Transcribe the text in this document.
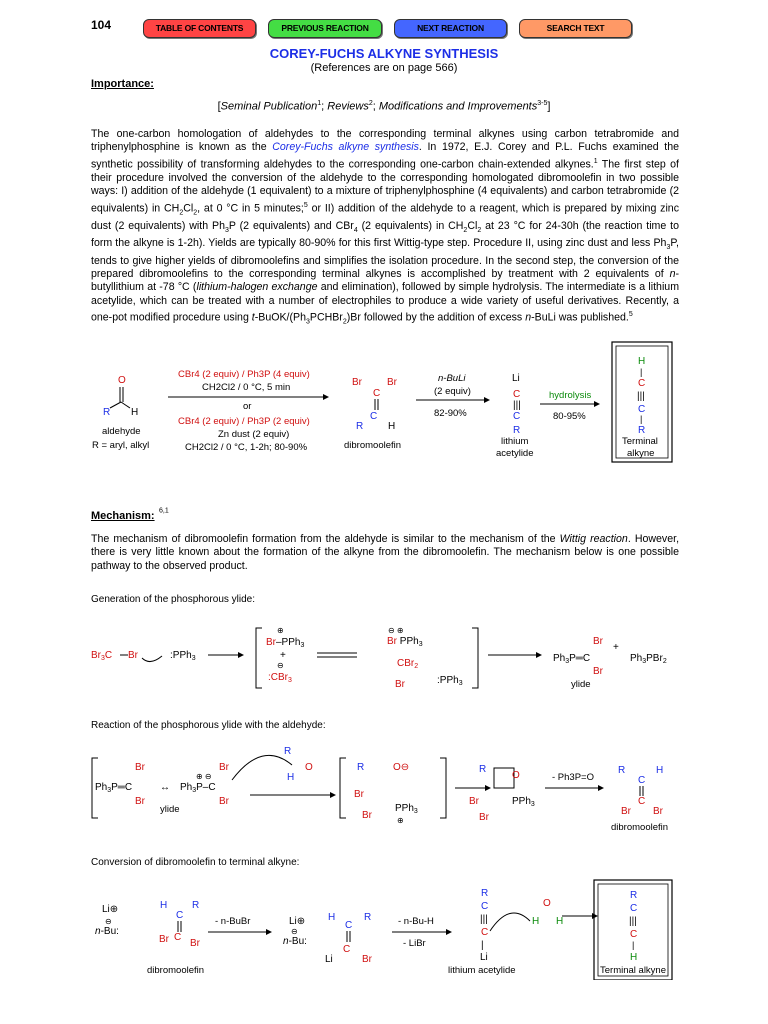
104	TABLE OF CONTENTS	PREVIOUS REACTION	NEXT REACTION	SEARCH TEXT
COREY-FUCHS ALKYNE SYNTHESIS
(References are on page 566)
Importance:
[Seminal Publication$^1$; Reviews$^2$; Modifications and Improvements$^{3-5}$]
The one-carbon homologation of aldehydes to the corresponding terminal alkynes using carbon tetrabromide and triphenylphosphine is known as the Corey-Fuchs alkyne synthesis. In 1972, E.J. Corey and P.L. Fuchs examined the synthetic possibility of transforming aldehydes to the corresponding one-carbon chain-extended alkynes.$^1$ The first step of their procedure involved the conversion of the aldehyde to the corresponding homologated dibromoolefin in two possible ways: I) addition of the aldehyde (1 equivalent) to a mixture of triphenylphosphine (4 equivalents) and carbon tetrabromide (2 equivalents) in $CH_2Cl_2$, at 0 °C in 5 minutes;$^5$ or II) addition of the aldehyde to a reagent, which is prepared by mixing zinc dust (2 equivalents) with $Ph_3P$ (2 equivalents) and CBr$_4$ (2 equivalents) in $CH_2Cl_2$ at 23 °C for 24-30h (the reaction time to form the alkyne is 1-2h). Yields are typically 80-90% for this first Wittig-type step. Procedure II, using zinc dust and less $Ph_3P$, tends to give higher yields of dibromoolefins and simplifies the isolation procedure. In the second step, the conversion of the prepared dibromoolefins to the corresponding terminal alkynes is accomplished by treatment with 2 equivalents of n-butyllithium at -78 °C (lithium-halogen exchange and elimination), followed by simple hydrolysis. The intermediate is a lithium acetylide, which can be treated with a number of electrophiles to produce a wide variety of useful derivatives. Recently, a one-pot modified procedure using $t-BuOK/(Ph_3PCHBr_2)Br$ followed by the addition of excess n-BuLi was published.$^5$
O
R H
aldehyde
R = aryl, alkyl
CBr4 (2 equiv) / Ph3P (4 equiv)
CH2Cl2 / 0 °C, 5 min
or
CBr4 (2 equiv) / Ph3P (2 equiv)
Zn dust (2 equiv)
CH2Cl2 / 0 °C, 1-2h; 80-90%
Br	Br
C
C
R H
dibromoolefin
n-BuLi
(2 equiv)
82-90%
Li
C
|||
C
R
lithium
acetylide
hydrolysis
80-95%
H
|
C
|||
C
|
R
Terminal
alkyne
Mechanism: $^{6,1}$
The mechanism of dibromoolefin formation from the aldehyde is similar to the mechanism of the Wittig reaction. However, there is very little known about the formation of the alkyne from the dibromoolefin. The mechanism below is one possible pathway to the observed product.
Generation of the phosphorous ylide:
$Br_3C$ Br	:PPh$_3$
⊕
Br–PPh$_3$
+
⊖
:CBr$_3$
⊖ ⊕
Br PPh$_3$
CBr$_2$
Br	:PPh$_3$
$Ph_3P═C$
Br
Br
ylide
+
$Ph_3PBr_2$
Reaction of the phosphorous ylide with the aldehyde:
$Ph_3P═C$
Br
Br
↔
⊕ ⊖
$Ph_3P-C$
Br
Br
ylide
R
H
O	R	O⊖
Br
Br
PPh$_3$
⊕
R
O
Br
Br
PPh$_3$
- Ph3P=O
R	H
C
C
Br Br
dibromoolefin
Conversion of dibromoolefin to terminal alkyne:
Li⊕
⊖
n-Bu:
H R
C
Br C
Br
dibromoolefin
- n-BuBr	Li⊕
⊖
n-Bu:
H	R
C
Li
C
Br
- n-Bu-H
- LiBr
R
C
|||
C
|
Li
lithium acetylide
O
H H
R
C
|||
C
|
H
Terminal alkyne
